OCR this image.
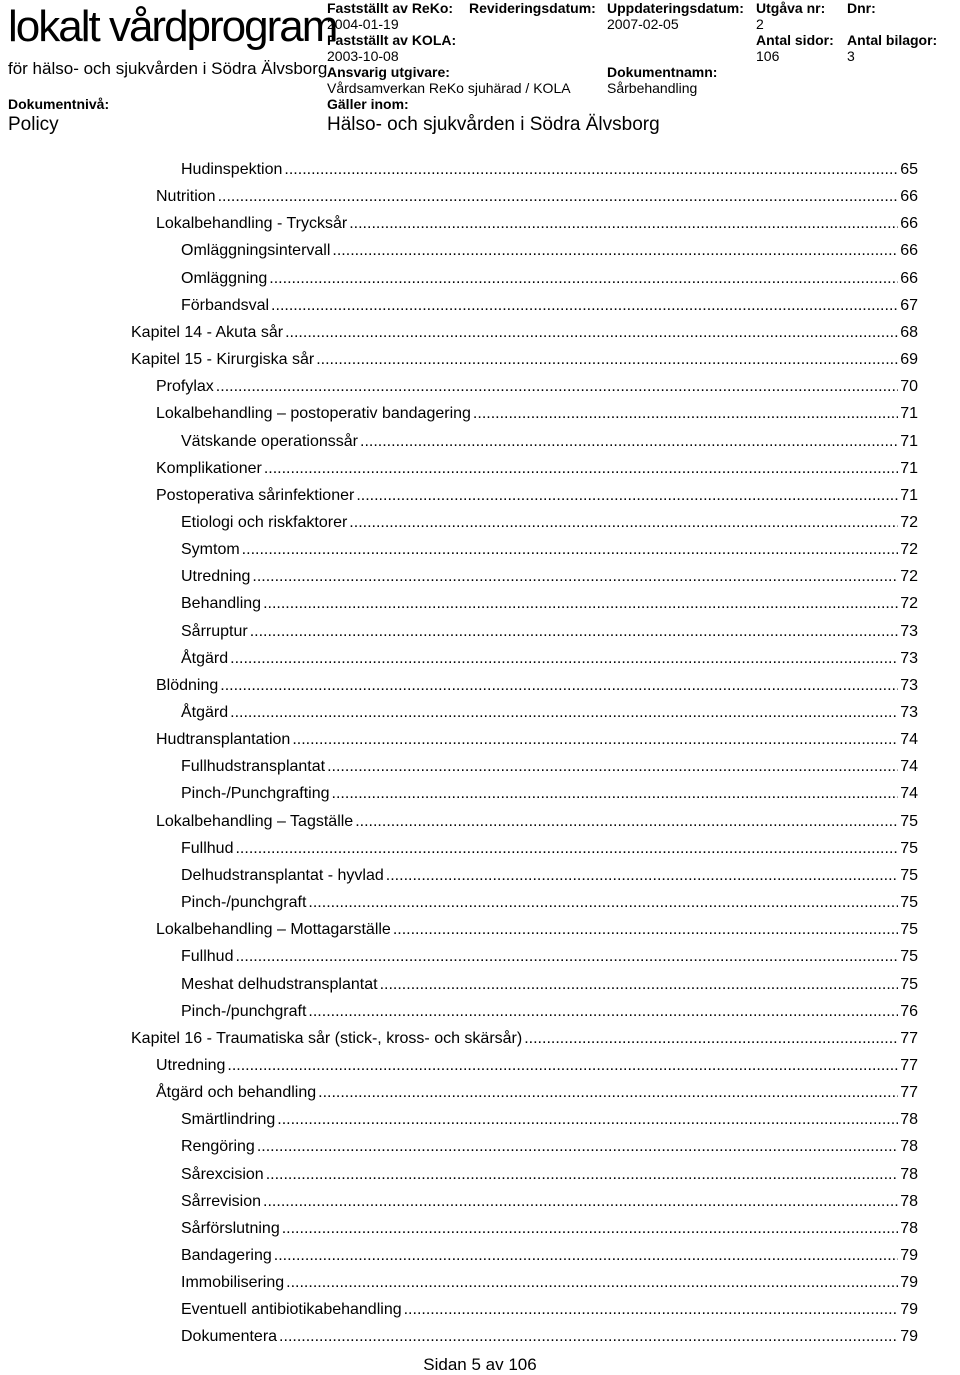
lokalt vårdprogram
för hälso- och sjukvården i Södra Älvsborg
Dokumentnivå:
Policy
Fastställt av ReKo:
2004-01-19
Fastställt av KOLA:
2003-10-08
Ansvarig utgivare:
Vårdsamverkan ReKo sjuhärad / KOLA
Gäller inom:
Hälso- och sjukvården i Södra Älvsborg
Revideringsdatum: Uppdateringsdatum:
2007-02-05
Dokumentnamn:
Sårbehandling
Utgåva nr:
2
Antal sidor:
106
Dnr:
Antal bilagor:
3
Hudinspektion .....	65
Nutrition .....	66
Lokalbehandling - Trycksår .....	66
Omläggningsintervall .....	66
Omläggning .....	66
Förbandsval .....	67
Kapitel 14 - Akuta sår .....	68
Kapitel 15 - Kirurgiska sår .....	69
Profylax .....	70
Lokalbehandling – postoperativ bandagering .....	71
Vätskande operationssår .....	71
Komplikationer .....	71
Postoperativa sårinfektioner .....	71
Etiologi och riskfaktorer .....	72
Symtom .....	72
Utredning .....	72
Behandling .....	72
Sårruptur .....	73
Åtgärd .....	73
Blödning .....	73
Åtgärd .....	73
Hudtransplantation .....	74
Fullhudstransplantat .....	74
Pinch-/Punchgrafting .....	74
Lokalbehandling – Tagställe .....	75
Fullhud .....	75
Delhudstransplantat - hyvlad .....	75
Pinch-/punchgraft .....	75
Lokalbehandling – Mottagarställe .....	75
Fullhud .....	75
Meshat delhudstransplantat .....	75
Pinch-/punchgraft .....	76
Kapitel 16 - Traumatiska sår (stick-, kross- och skärsår) .....	77
Utredning .....	77
Åtgärd och behandling .....	77
Smärtlindring .....	78
Rengöring .....	78
Sårexcision .....	78
Sårrevision .....	78
Sårförslutning .....	78
Bandagering .....	79
Immobilisering .....	79
Eventuell antibiotikabehandling .....	79
Dokumentera .....	79
Sidan 5 av 106
